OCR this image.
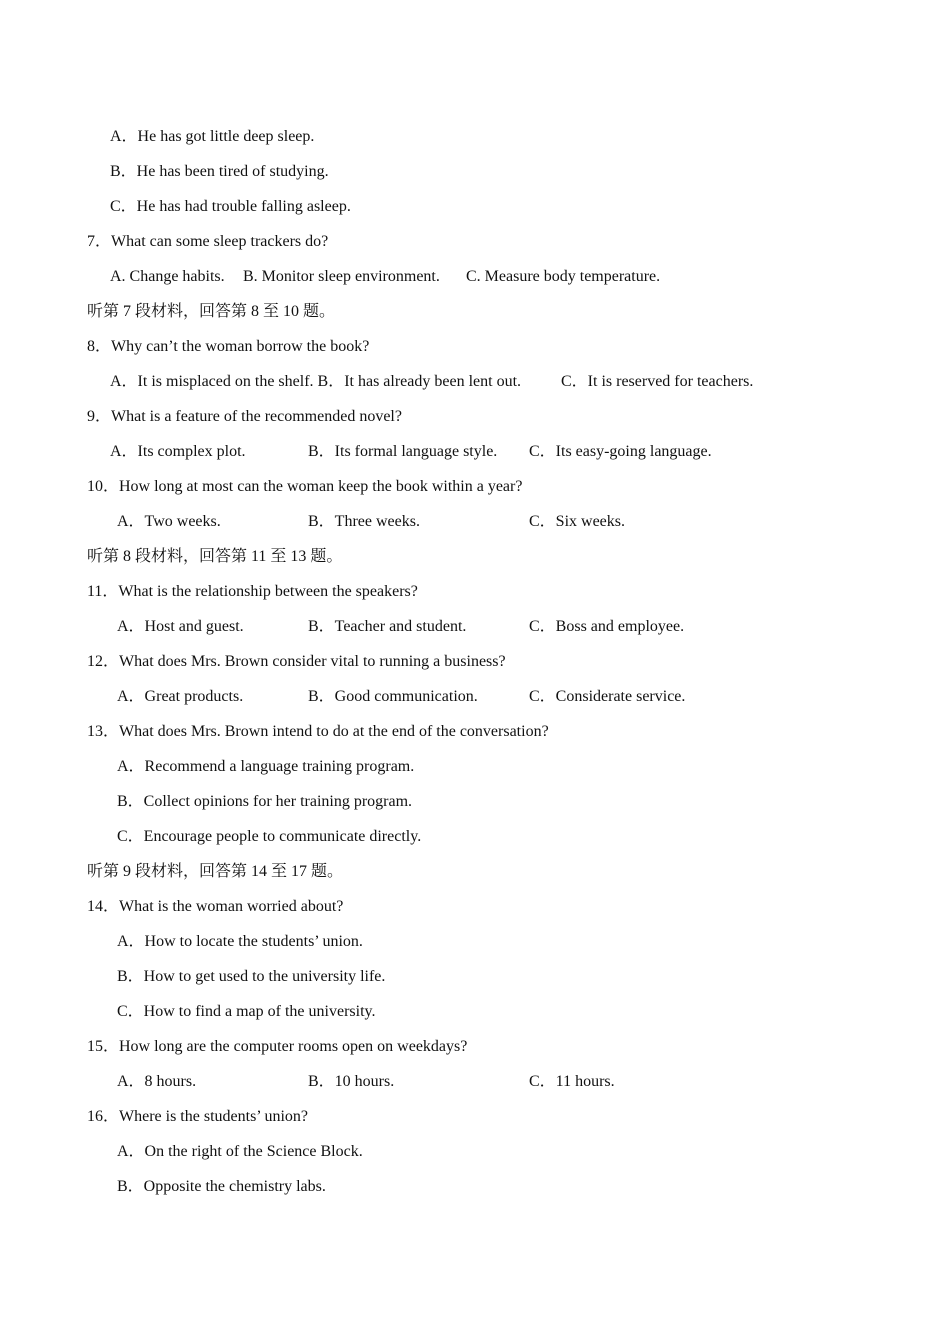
A．He has got little deep sleep.
B．He has been tired of studying.
C．He has had trouble falling asleep.
7．What can some sleep trackers do?
A. Change habits. B. Monitor sleep environment. C. Measure body temperature.
听第 7 段材料，回答第 8 至 10 题。
8．Why can’t the woman borrow the book?
A．It is misplaced on the shelf. B．It has already been lent out. C．It is reserved for teachers.
9．What is a feature of the recommended novel?
A．Its complex plot.	B．Its formal language style. C．Its easy-going language.
10．How long at most can the woman keep the book within a year?
A．Two weeks.	B．Three weeks.	C．Six weeks.
听第 8 段材料，回答第 11 至 13 题。
11．What is the relationship between the speakers?
A．Host and guest.	B．Teacher and student.	C．Boss and employee.
12．What does Mrs. Brown consider vital to running a business?
A．Great products.	B．Good communication.	C．Considerate service.
13．What does Mrs. Brown intend to do at the end of the conversation?
A．Recommend a language training program.
B．Collect opinions for her training program.
C．Encourage people to communicate directly.
听第 9 段材料，回答第 14 至 17 题。
14．What is the woman worried about?
A．How to locate the students’ union.
B．How to get used to the university life.
C．How to find a map of the university.
15．How long are the computer rooms open on weekdays?
A．8 hours.	B．10 hours.	C．11 hours.
16．Where is the students’ union?
A．On the right of the Science Block.
B．Opposite the chemistry labs.
